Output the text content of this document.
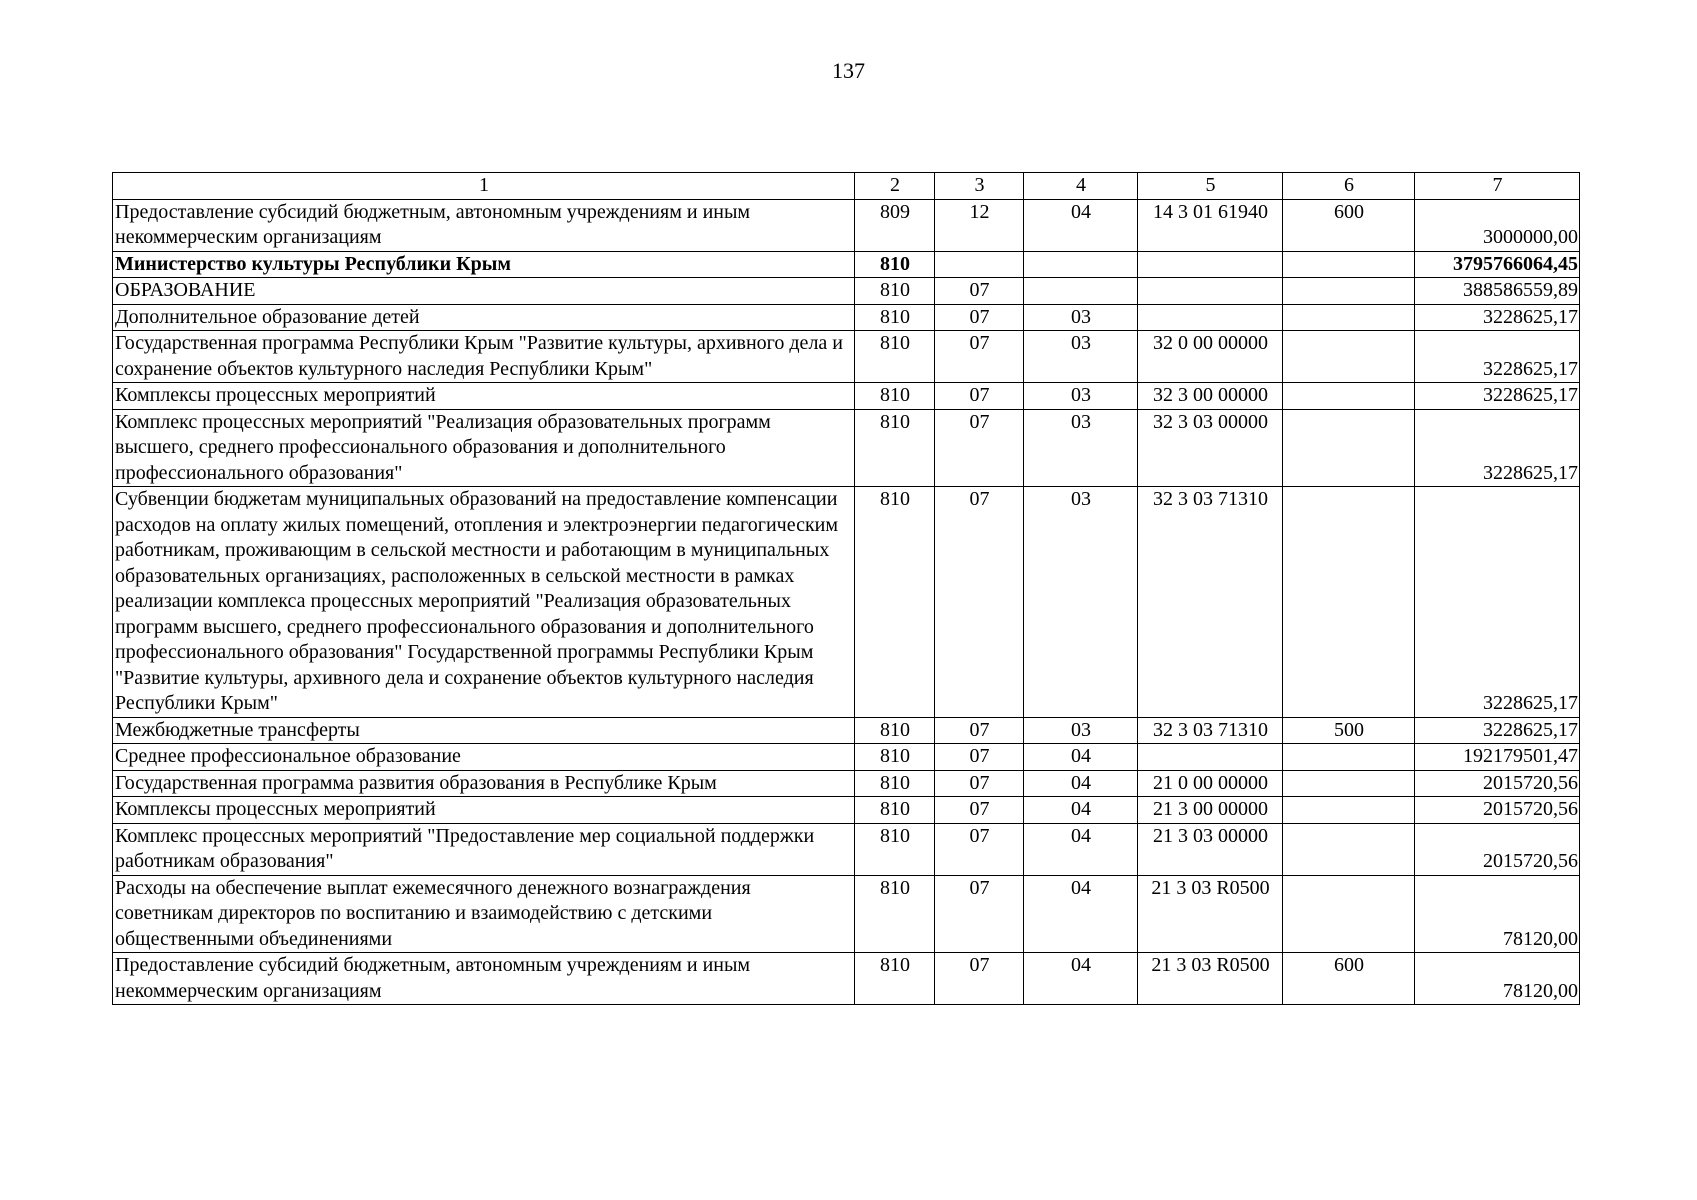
137
1	2	3	4	5	6	7
Предоставление субсидий бюджетным, автономным учреждениям и иным некоммерческим организациям	809	12	04	14 3 01 61940	600	3000000,00
Министерство культуры Республики Крым	810					3795766064,45
ОБРАЗОВАНИЕ	810	07				388586559,89
Дополнительное образование детей	810	07	03			3228625,17
Государственная программа Республики Крым "Развитие культуры, архивного дела и сохранение объектов культурного наследия Республики Крым"	810	07	03	32 0 00 00000		3228625,17
Комплексы процессных мероприятий	810	07	03	32 3 00 00000		3228625,17
Комплекс процессных мероприятий "Реализация образовательных программ высшего, среднего профессионального образования и дополнительного профессионального образования"	810	07	03	32 3 03 00000		3228625,17
Субвенции бюджетам муниципальных образований на предоставление компенсации расходов на оплату жилых помещений, отопления и электроэнергии педагогическим работникам, проживающим в сельской местности и работающим в муниципальных образовательных организациях, расположенных в сельской местности в рамках реализации комплекса процессных мероприятий "Реализация образовательных программ высшего, среднего профессионального образования и дополнительного профессионального образования" Государственной программы Республики Крым "Развитие культуры, архивного дела и сохранение объектов культурного наследия Республики Крым"	810	07	03	32 3 03 71310		3228625,17
Межбюджетные трансферты	810	07	03	32 3 03 71310	500	3228625,17
Среднее профессиональное образование	810	07	04			192179501,47
Государственная программа развития образования в Республике Крым	810	07	04	21 0 00 00000		2015720,56
Комплексы процессных мероприятий	810	07	04	21 3 00 00000		2015720,56
Комплекс процессных мероприятий "Предоставление мер социальной поддержки работникам образования"	810	07	04	21 3 03 00000		2015720,56
Расходы на обеспечение выплат ежемесячного денежного вознаграждения советникам директоров по воспитанию и взаимодействию с детскими общественными объединениями	810	07	04	21 3 03 R0500		78120,00
Предоставление субсидий бюджетным, автономным учреждениям и иным некоммерческим организациям	810	07	04	21 3 03 R0500	600	78120,00
